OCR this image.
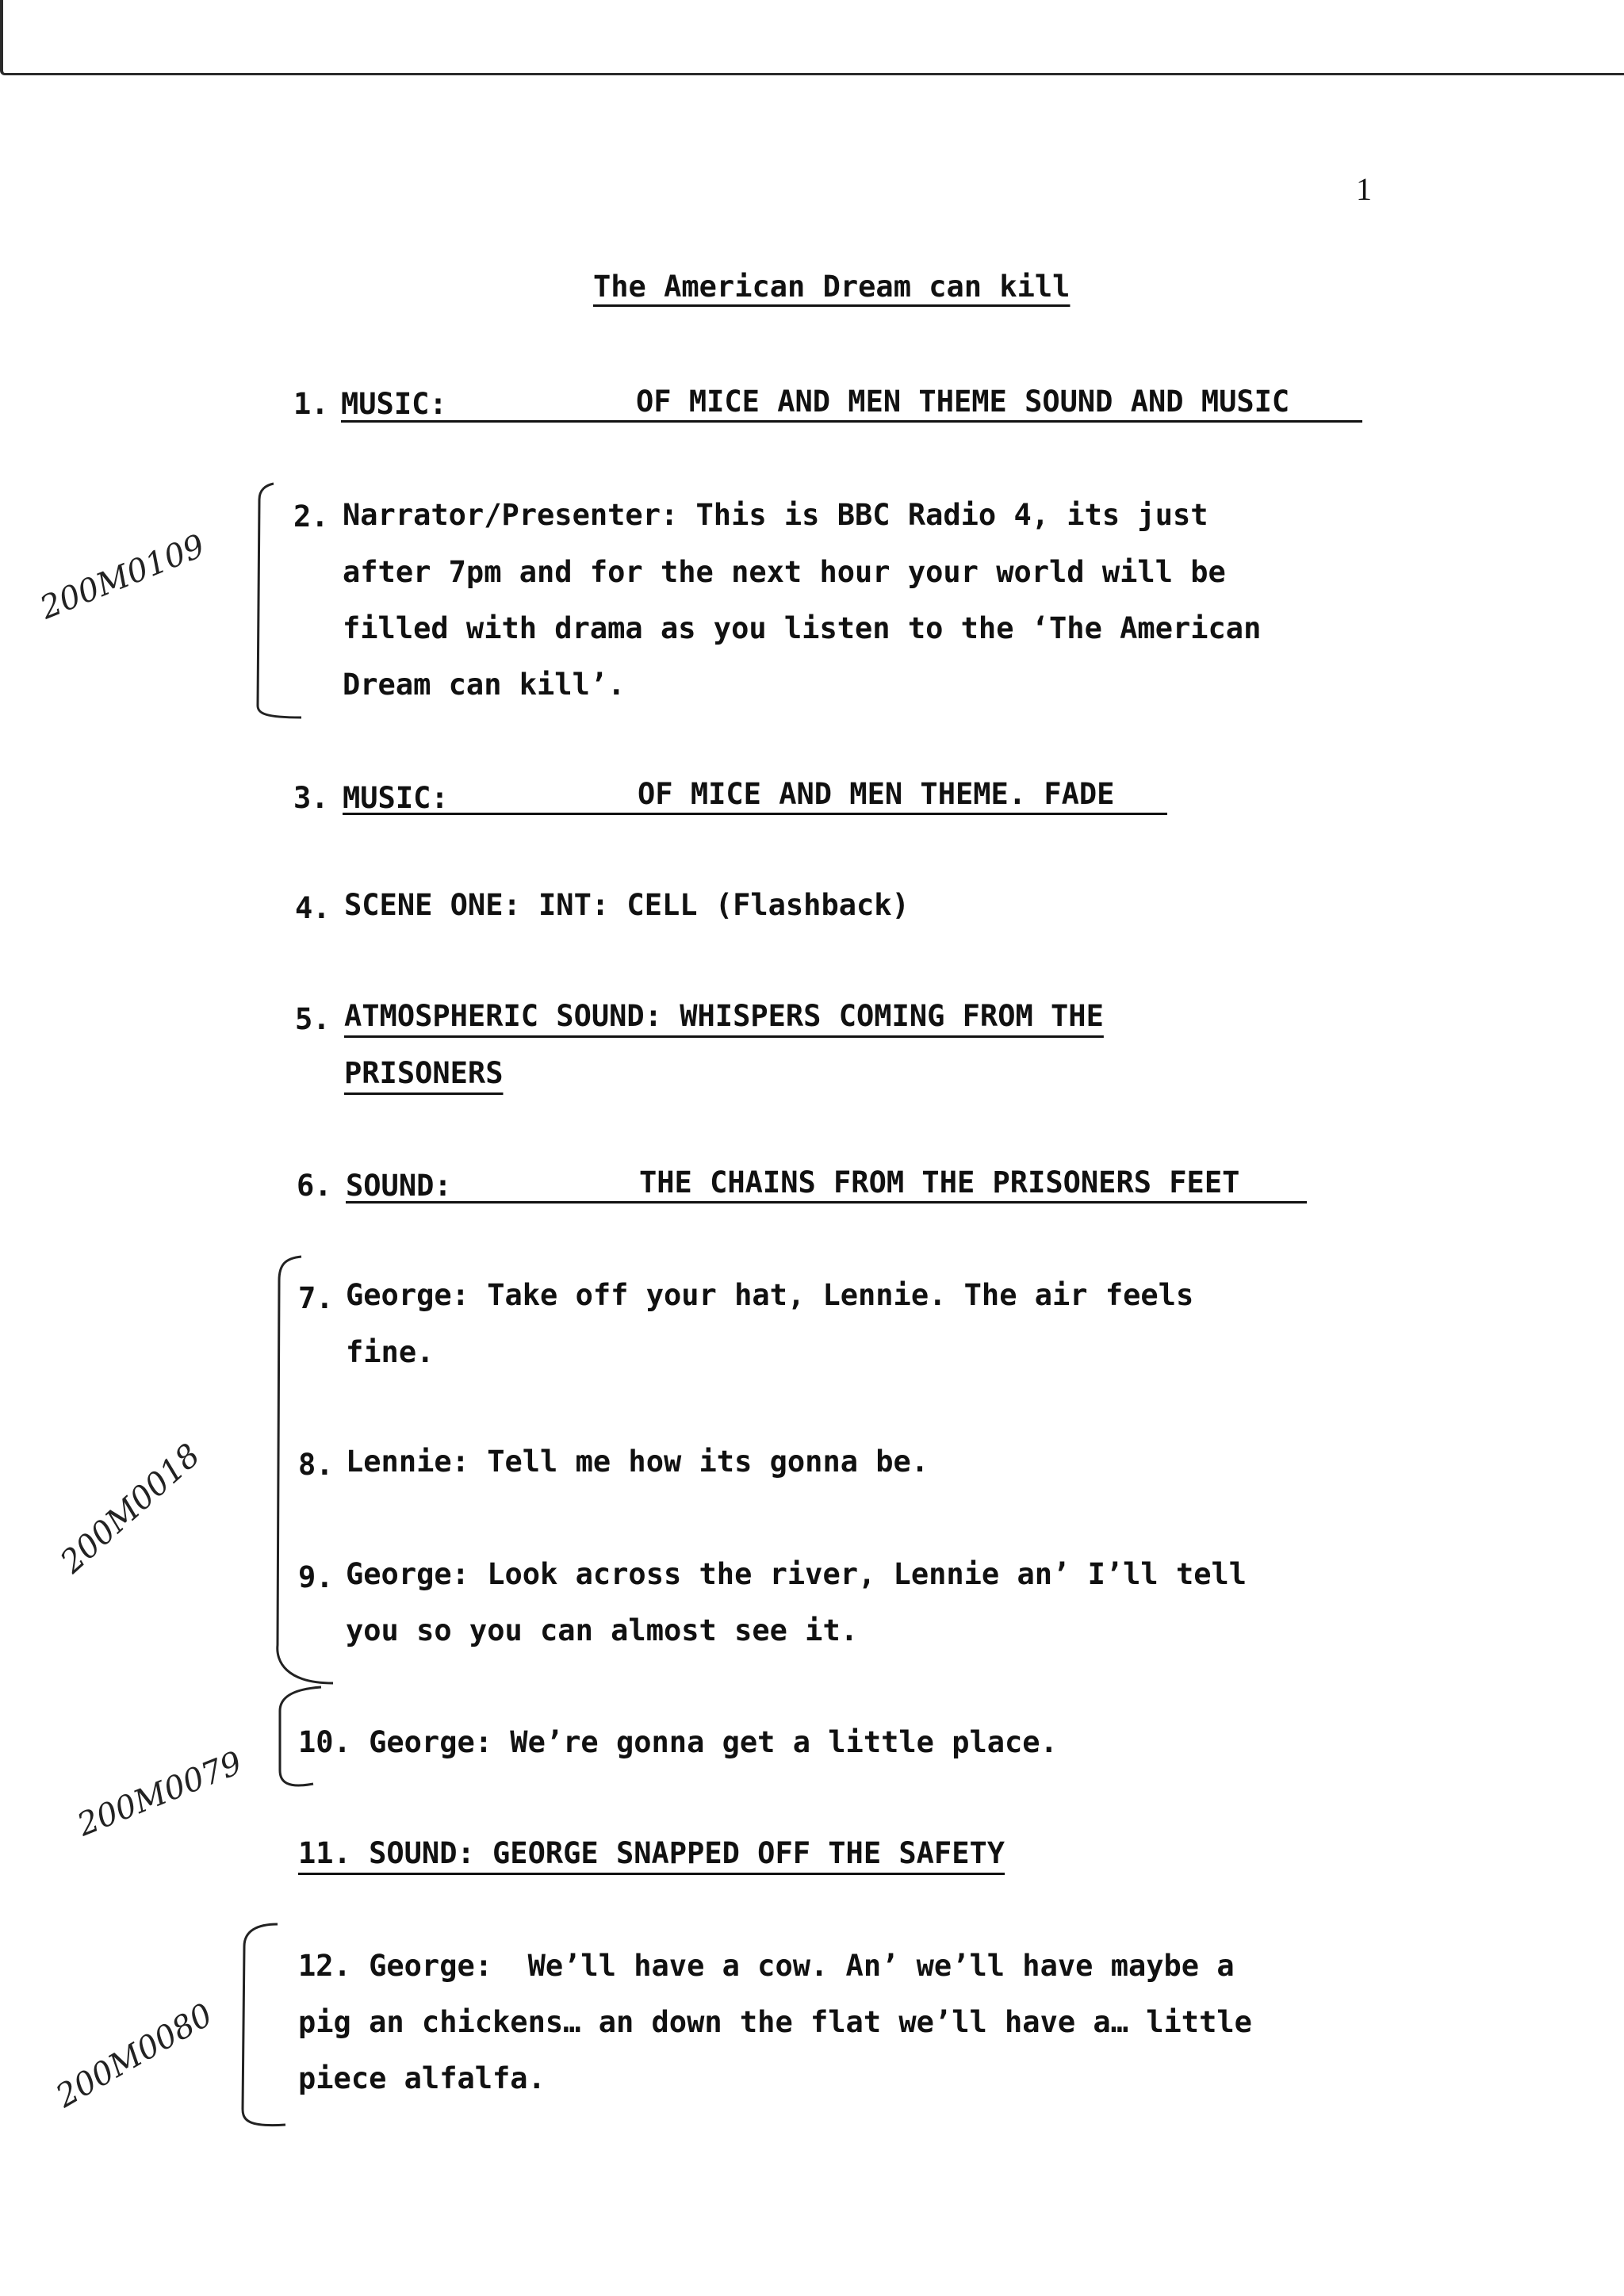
1
The American Dream can kill
1. MUSIC:	OF MICE AND MEN THEME SOUND AND MUSIC
2. Narrator/Presenter: This is BBC Radio 4, its just
after 7pm and for the next hour your world will be
filled with drama as you listen to the ‘The American
Dream can kill’.
3. MUSIC:	OF MICE AND MEN THEME. FADE
4. SCENE ONE: INT: CELL (Flashback)
5. ATMOSPHERIC SOUND: WHISPERS COMING FROM THE
PRISONERS
6. SOUND:	THE CHAINS FROM THE PRISONERS FEET
7. George: Take off your hat, Lennie. The air feels
fine.
8. Lennie: Tell me how its gonna be.
9. George: Look across the river, Lennie an’ I’ll tell
you so you can almost see it.
10. George: We’re gonna get a little place.
11. SOUND: GEORGE SNAPPED OFF THE SAFETY
12. George:  We’ll have a cow. An’ we’ll have maybe a
pig an chickens… an down the flat we’ll have a… little
piece alfalfa.
200M0109
200M0018
200M0079
200M0080
